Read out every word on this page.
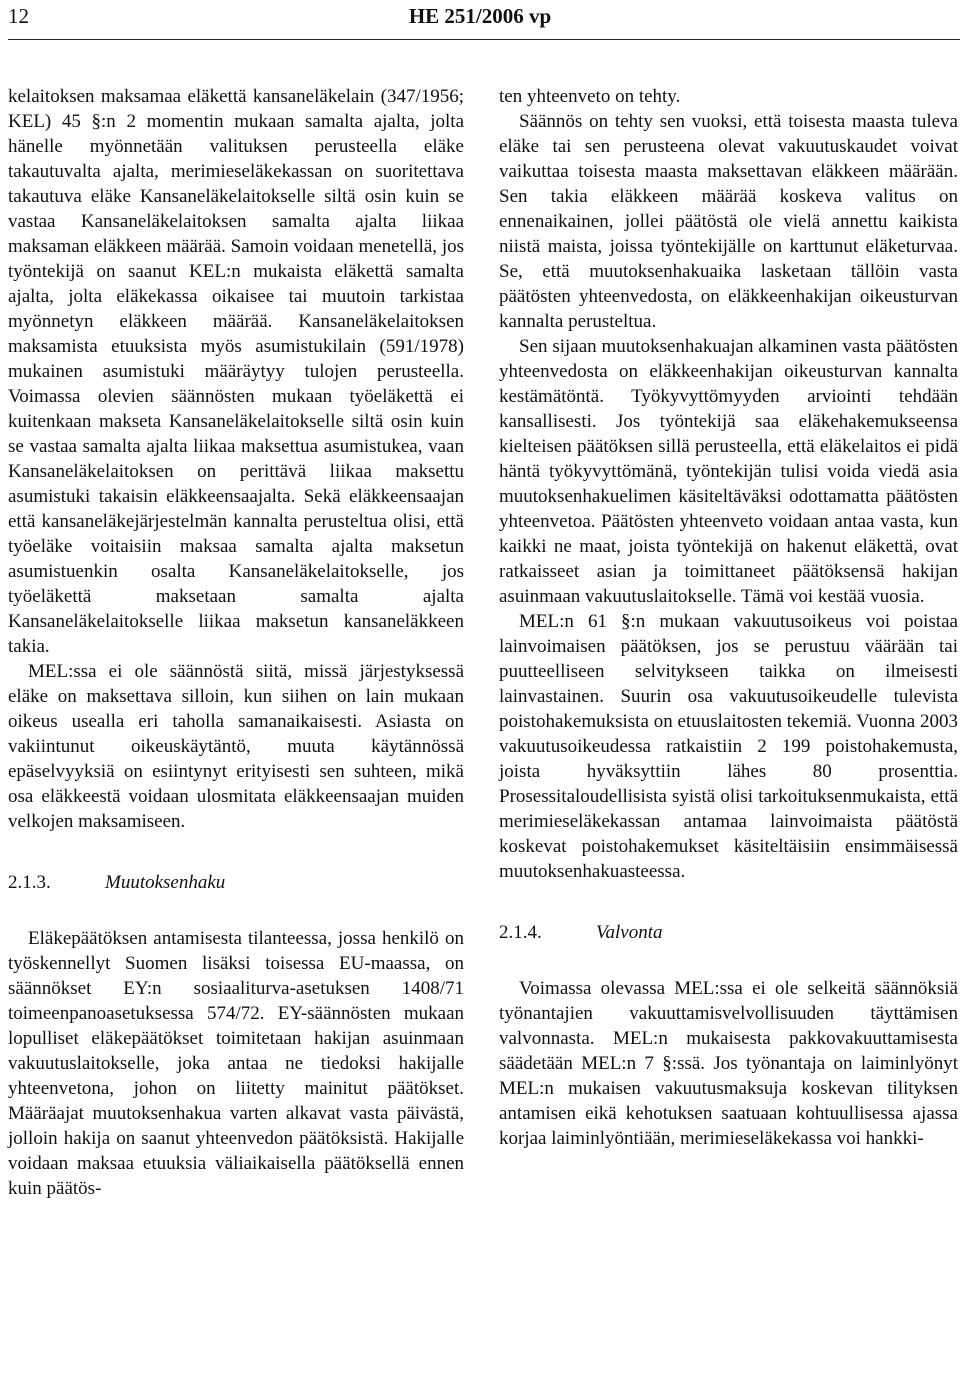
12	HE 251/2006 vp

kelaitoksen maksamaa eläkettä kansaneläkelain (347/1956; KEL) 45 §:n 2 momentin mukaan samalta ajalta, jolta hänelle myönnetään valituksen perusteella eläke takautuvalta ajalta, merimieseläkekassan on suoritettava takautuva eläke Kansaneläkelaitokselle siltä osin kuin se vastaa Kansaneläkelaitoksen samalta ajalta liikaa maksaman eläkkeen määrää. Samoin voidaan menetellä, jos työntekijä on saanut KEL:n mukaista eläkettä samalta ajalta, jolta eläkekassa oikaisee tai muutoin tarkistaa myönnetyn eläkkeen määrää. Kansaneläkelaitoksen maksamista etuuksista myös asumistukilain (591/1978) mukainen asumistuki määräytyy tulojen perusteella. Voimassa olevien säännösten mukaan työeläkettä ei kuitenkaan makseta Kansaneläkelaitokselle siltä osin kuin se vastaa samalta ajalta liikaa maksettua asumistukea, vaan Kansaneläkelaitoksen on perittävä liikaa maksettu asumistuki takaisin eläkkeensaajalta. Sekä eläkkeensaajan että kansaneläkejärjestelmän kannalta perusteltua olisi, että työeläke voitaisiin maksaa samalta ajalta maksetun asumistuenkin osalta Kansaneläkelaitokselle, jos työeläkettä maksetaan samalta ajalta Kansaneläkelaitokselle liikaa maksetun kansaneläkkeen takia.

MEL:ssa ei ole säännöstä siitä, missä järjestyksessä eläke on maksettava silloin, kun siihen on lain mukaan oikeus usealla eri taholla samanaikaisesti. Asiasta on vakiintunut oikeuskäytäntö, muuta käytännössä epäselvyyksiä on esiintynyt erityisesti sen suhteen, mikä osa eläkkeestä voidaan ulosmitata eläkkeensaajan muiden velkojen maksamiseen.

2.1.3.	Muutoksenhaku

Eläkepäätöksen antamisesta tilanteessa, jossa henkilö on työskennellyt Suomen lisäksi toisessa EU-maassa, on säännökset EY:n sosiaaliturva-asetuksen 1408/71 toimeenpanoasetuksessa 574/72. EY-säännösten mukaan lopulliset eläkepäätökset toimitetaan hakijan asuinmaan vakuutuslaitokselle, joka antaa ne tiedoksi hakijalle yhteenvetona, johon on liitetty mainitut päätökset. Määräajat muutoksenhakua varten alkavat vasta päivästä, jolloin hakija on saanut yhteenvedon päätöksistä. Hakijalle voidaan maksaa etuuksia väliaikaisella päätöksellä ennen kuin päätös-

ten yhteenveto on tehty.

Säännös on tehty sen vuoksi, että toisesta maasta tuleva eläke tai sen perusteena olevat vakuutuskaudet voivat vaikuttaa toisesta maasta maksettavan eläkkeen määrään. Sen takia eläkkeen määrää koskeva valitus on ennenaikainen, jollei päätöstä ole vielä annettu kaikista niistä maista, joissa työntekijälle on karttunut eläketurvaa. Se, että muutoksenhakuaika lasketaan tällöin vasta päätösten yhteenvedosta, on eläkkeenhakijan oikeusturvan kannalta perusteltua.

Sen sijaan muutoksenhakuajan alkaminen vasta päätösten yhteenvedosta on eläkkeenhakijan oikeusturvan kannalta kestämätöntä. Työkyvyttömyyden arviointi tehdään kansallisesti. Jos työntekijä saa eläkehakemukseensa kielteisen päätöksen sillä perusteella, että eläkelaitos ei pidä häntä työkyvyttömänä, työntekijän tulisi voida viedä asia muutoksenhakuelimen käsiteltäväksi odottamatta päätösten yhteenvetoa. Päätösten yhteenveto voidaan antaa vasta, kun kaikki ne maat, joista työntekijä on hakenut eläkettä, ovat ratkaisseet asian ja toimittaneet päätöksensä hakijan asuinmaan vakuutuslaitokselle. Tämä voi kestää vuosia.

MEL:n 61 §:n mukaan vakuutusoikeus voi poistaa lainvoimaisen päätöksen, jos se perustuu väärään tai puutteelliseen selvitykseen taikka on ilmeisesti lainvastainen. Suurin osa vakuutusoikeudelle tulevista poistohakemuksista on etuuslaitosten tekemiä. Vuonna 2003 vakuutusoikeudessa ratkaistiin 2 199 poistohakemusta, joista hyväksyttiin lähes 80 prosenttia. Prosessitaloudellisista syistä olisi tarkoituksenmukaista, että merimieseläkekassan antamaa lainvoimaista päätöstä koskevat poistohakemukset käsiteltäisiin ensimmäisessä muutoksenhakuasteessa.

2.1.4.	Valvonta

Voimassa olevassa MEL:ssa ei ole selkeitä säännöksiä työnantajien vakuuttamisvelvollisuuden täyttämisen valvonnasta. MEL:n mukaisesta pakkovakuuttamisesta säädetään MEL:n 7 §:ssä. Jos työnantaja on laiminlyönyt MEL:n mukaisen vakuutusmaksuja koskevan tilityksen antamisen eikä kehotuksen saatuaan kohtuullisessa ajassa korjaa laiminlyöntiään, merimieseläkekassa voi hankki-
